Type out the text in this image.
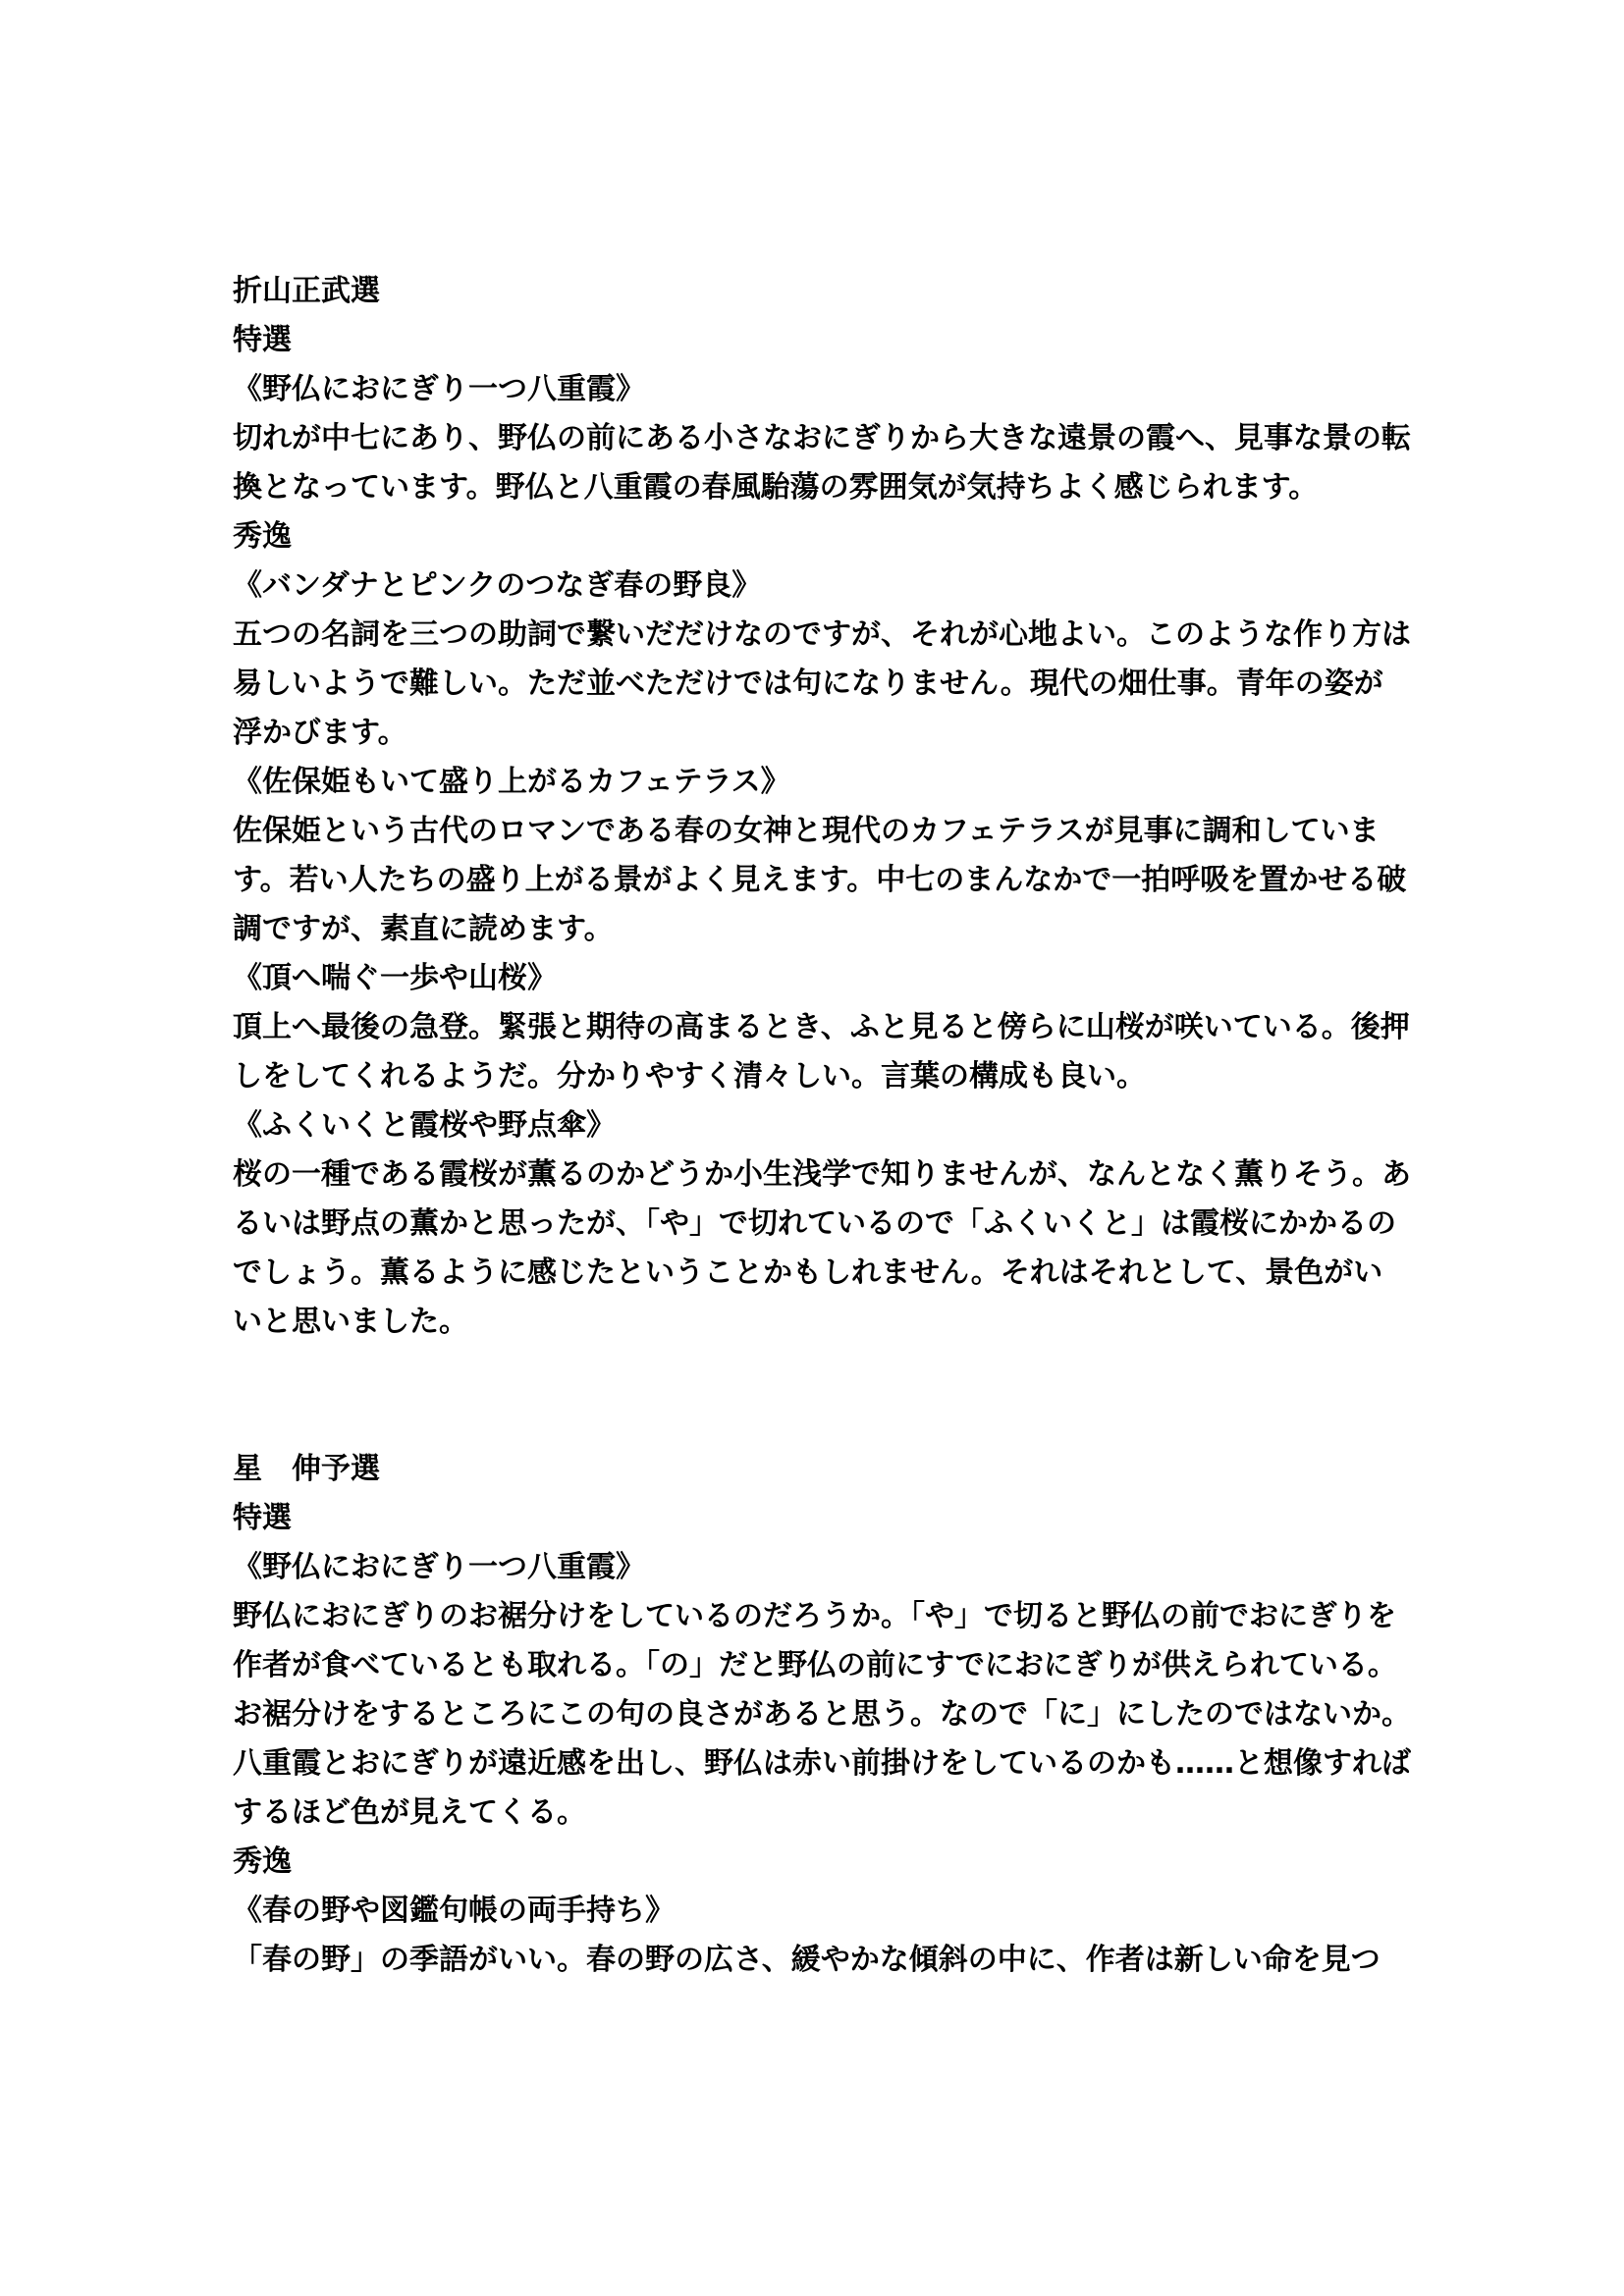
折山正武選
特選
《野仏におにぎり一つ八重霞》
切れが中七にあり、野仏の前にある小さなおにぎりから大きな遠景の霞へ、見事な景の転換となっています。野仏と八重霞の春風駘蕩の雰囲気が気持ちよく感じられます。
秀逸
《バンダナとピンクのつなぎ春の野良》
五つの名詞を三つの助詞で繋いだだけなのですが、それが心地よい。このような作り方は易しいようで難しい。ただ並べただけでは句になりません。現代の畑仕事。青年の姿が浮かびます。
《佐保姫もいて盛り上がるカフェテラス》
佐保姫という古代のロマンである春の女神と現代のカフェテラスが見事に調和しています。若い人たちの盛り上がる景がよく見えます。中七のまんなかで一拍呼吸を置かせる破調ですが、素直に読めます。
《頂へ喘ぐ一歩や山桜》
頂上へ最後の急登。緊張と期待の高まるとき、ふと見ると傍らに山桜が咲いている。後押しをしてくれるようだ。分かりやすく清々しい。言葉の構成も良い。
《ふくいくと霞桜や野点傘》
桜の一種である霞桜が薫るのかどうか小生浅学で知りませんが、なんとなく薫りそう。あるいは野点の薫かと思ったが、「や」で切れているので「ふくいくと」は霞桜にかかるのでしょう。薫るように感じたということかもしれません。それはそれとして、景色がいいと思いました。
星　伸予選
特選
《野仏におにぎり一つ八重霞》
野仏におにぎりのお裾分けをしているのだろうか。「や」で切ると野仏の前でおにぎりを作者が食べているとも取れる。「の」だと野仏の前にすでにおにぎりが供えられている。お裾分けをするところにこの句の良さがあると思う。なので「に」にしたのではないか。八重霞とおにぎりが遠近感を出し、野仏は赤い前掛けをしているのかも……と想像すればするほど色が見えてくる。
秀逸
《春の野や図鑑句帳の両手持ち》
「春の野」の季語がいい。春の野の広さ、緩やかな傾斜の中に、作者は新しい命を見つ
